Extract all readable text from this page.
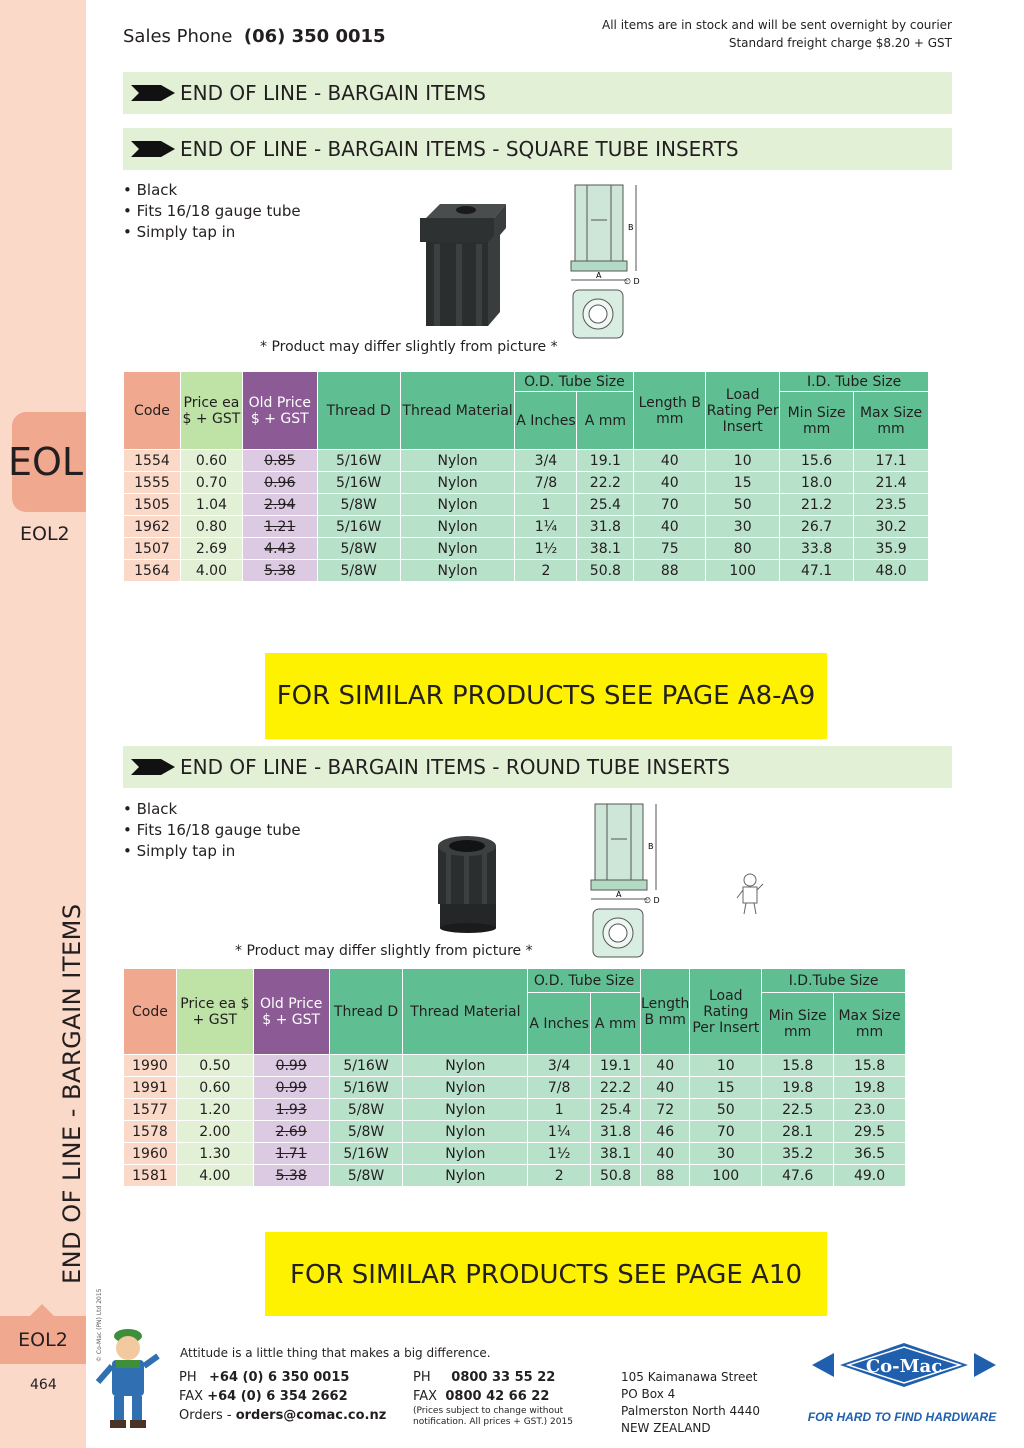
EOL
EOL2
END OF LINE - BARGAIN ITEMS
EOL2
464
© Co-Mac (PN) Ltd 2015
Sales Phone (06) 350 0015
All items are in stock and will be sent overnight by courier
Standard freight charge $8.20 + GST
END OF LINE - BARGAIN ITEMS
END OF LINE - BARGAIN ITEMS - SQUARE TUBE INSERTS
• Black
• Fits 16/18 gauge tube
• Simply tap in	B
A
∅ D
* Product may differ slightly from picture *
Code	Price ea $ + GST	Old Price $ + GST	Thread D	Thread Material	O.D. Tube Size		Length B mm	Load Rating Per Insert	I.D. Tube Size	
					A Inches	A mm			Min Size mm	Max Size mm
1554	0.60	0.85	5/16W	Nylon	3/4	19.1	40	10	15.6	17.1
1555	0.70	0.96	5/16W	Nylon	7/8	22.2	40	15	18.0	21.4
1505	1.04	2.94	5/8W	Nylon	1	25.4	70	50	21.2	23.5
1962	0.80	1.21	5/16W	Nylon	1¼	31.8	40	30	26.7	30.2
1507	2.69	4.43	5/8W	Nylon	1½	38.1	75	80	33.8	35.9
1564	4.00	5.38	5/8W	Nylon	2	50.8	88	100	47.1	48.0
FOR SIMILAR PRODUCTS SEE PAGE A8-A9
END OF LINE - BARGAIN ITEMS - ROUND TUBE INSERTS
• Black
• Fits 16/18 gauge tube
• Simply tap in	B
A
∅ D
* Product may differ slightly from picture *
Code	Price ea $ + GST	Old Price $ + GST	Thread D	Thread Material	O.D. Tube Size		Length B mm	Load Rating Per Insert	I.D.Tube Size	
					A Inches	A mm			Min Size mm	Max Size mm
1990	0.50	0.99	5/16W	Nylon	3/4	19.1	40	10	15.8	15.8
1991	0.60	0.99	5/16W	Nylon	7/8	22.2	40	15	19.8	19.8
1577	1.20	1.93	5/8W	Nylon	1	25.4	72	50	22.5	23.0
1578	2.00	2.69	5/8W	Nylon	1¼	31.8	46	70	28.1	29.5
1960	1.30	1.71	5/16W	Nylon	1½	38.1	40	30	35.2	36.5
1581	4.00	5.38	5/8W	Nylon	2	50.8	88	100	47.6	49.0
FOR SIMILAR PRODUCTS SEE PAGE A10
Attitude is a little thing that makes a big difference.
PH +64 (0) 6 350 0015
FAX +64 (0) 6 354 2662
Orders - orders@comac.co.nz
PH 0800 33 55 22
FAX 0800 42 66 22
(Prices subject to change without
notification. All prices + GST.) 2015
105 Kaimanawa Street
PO Box 4
Palmerston North 4440
NEW ZEALAND
Co-Mac
FOR HARD TO FIND HARDWARE
